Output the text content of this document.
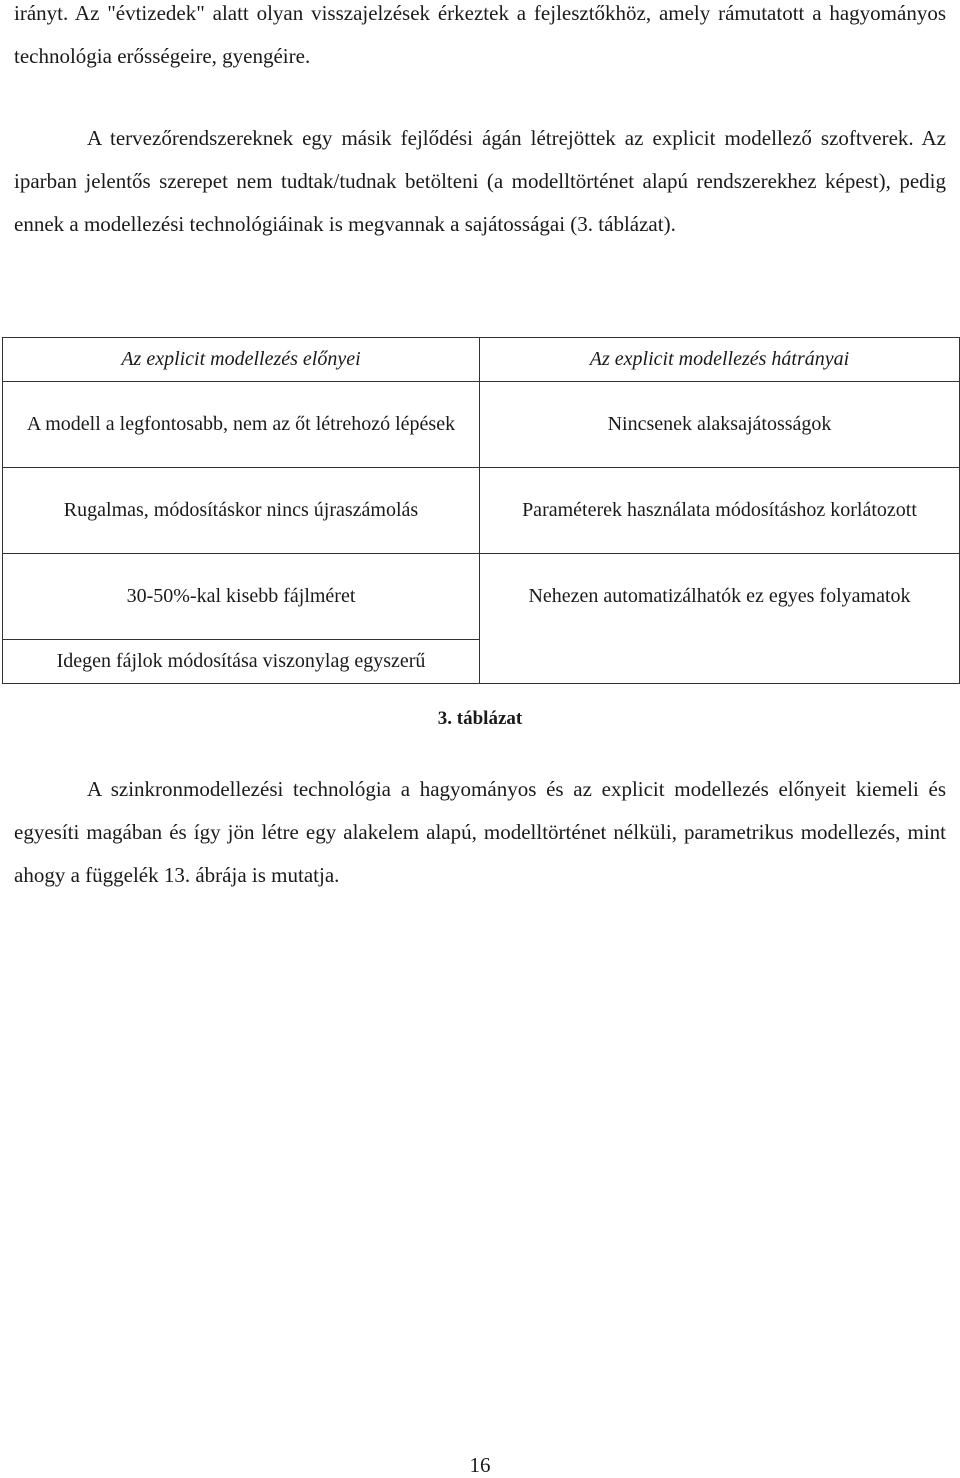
irányt. Az "évtizedek" alatt olyan visszajelzések érkeztek a fejlesztőkhöz, amely rámutatott a hagyományos technológia erősségeire, gyengéire.

A tervezőrendszereknek egy másik fejlődési ágán létrejöttek az explicit modellező szoftverek. Az iparban jelentős szerepet nem tudtak/tudnak betölteni (a modelltörténet alapú rendszerekhez képest), pedig ennek a modellezési technológiáinak is megvannak a sajátosságai (3. táblázat).

Az explicit modellezés előnyei	Az explicit modellezés hátrányai
A modell a legfontosabb, nem az őt létrehozó lépések	Nincsenek alaksajátosságok
Rugalmas, módosításkor nincs újraszámolás	Paraméterek használata módosításhoz korlátozott
30-50%-kal kisebb fájlméret	Nehezen automatizálhatók ez egyes folyamatok
Idegen fájlok módosítása viszonylag egyszerű	
3. táblázat

A szinkronmodellezési technológia a hagyományos és az explicit modellezés előnyeit kiemeli és egyesíti magában és így jön létre egy alakelem alapú, modelltörténet nélküli, parametrikus modellezés, mint ahogy a függelék 13. ábrája is mutatja.

16
